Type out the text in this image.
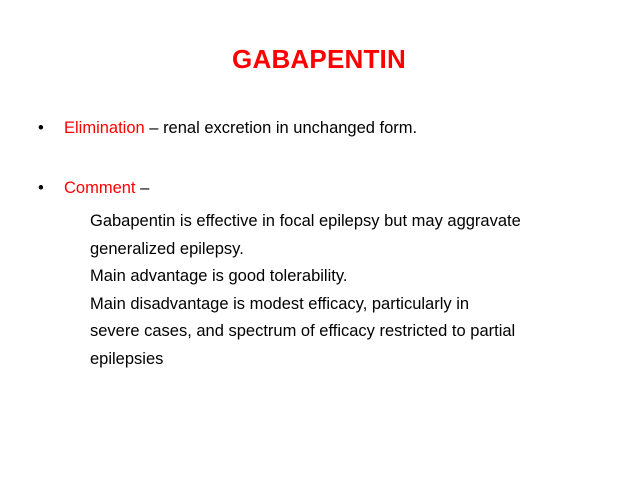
GABAPENTIN
• Elimination – renal excretion in unchanged form.
• Comment –
Gabapentin is effective in focal epilepsy but may aggravate
generalized epilepsy.
Main advantage is good tolerability.
Main disadvantage is modest efficacy, particularly in
severe cases, and spectrum of efficacy restricted to partial
epilepsies
